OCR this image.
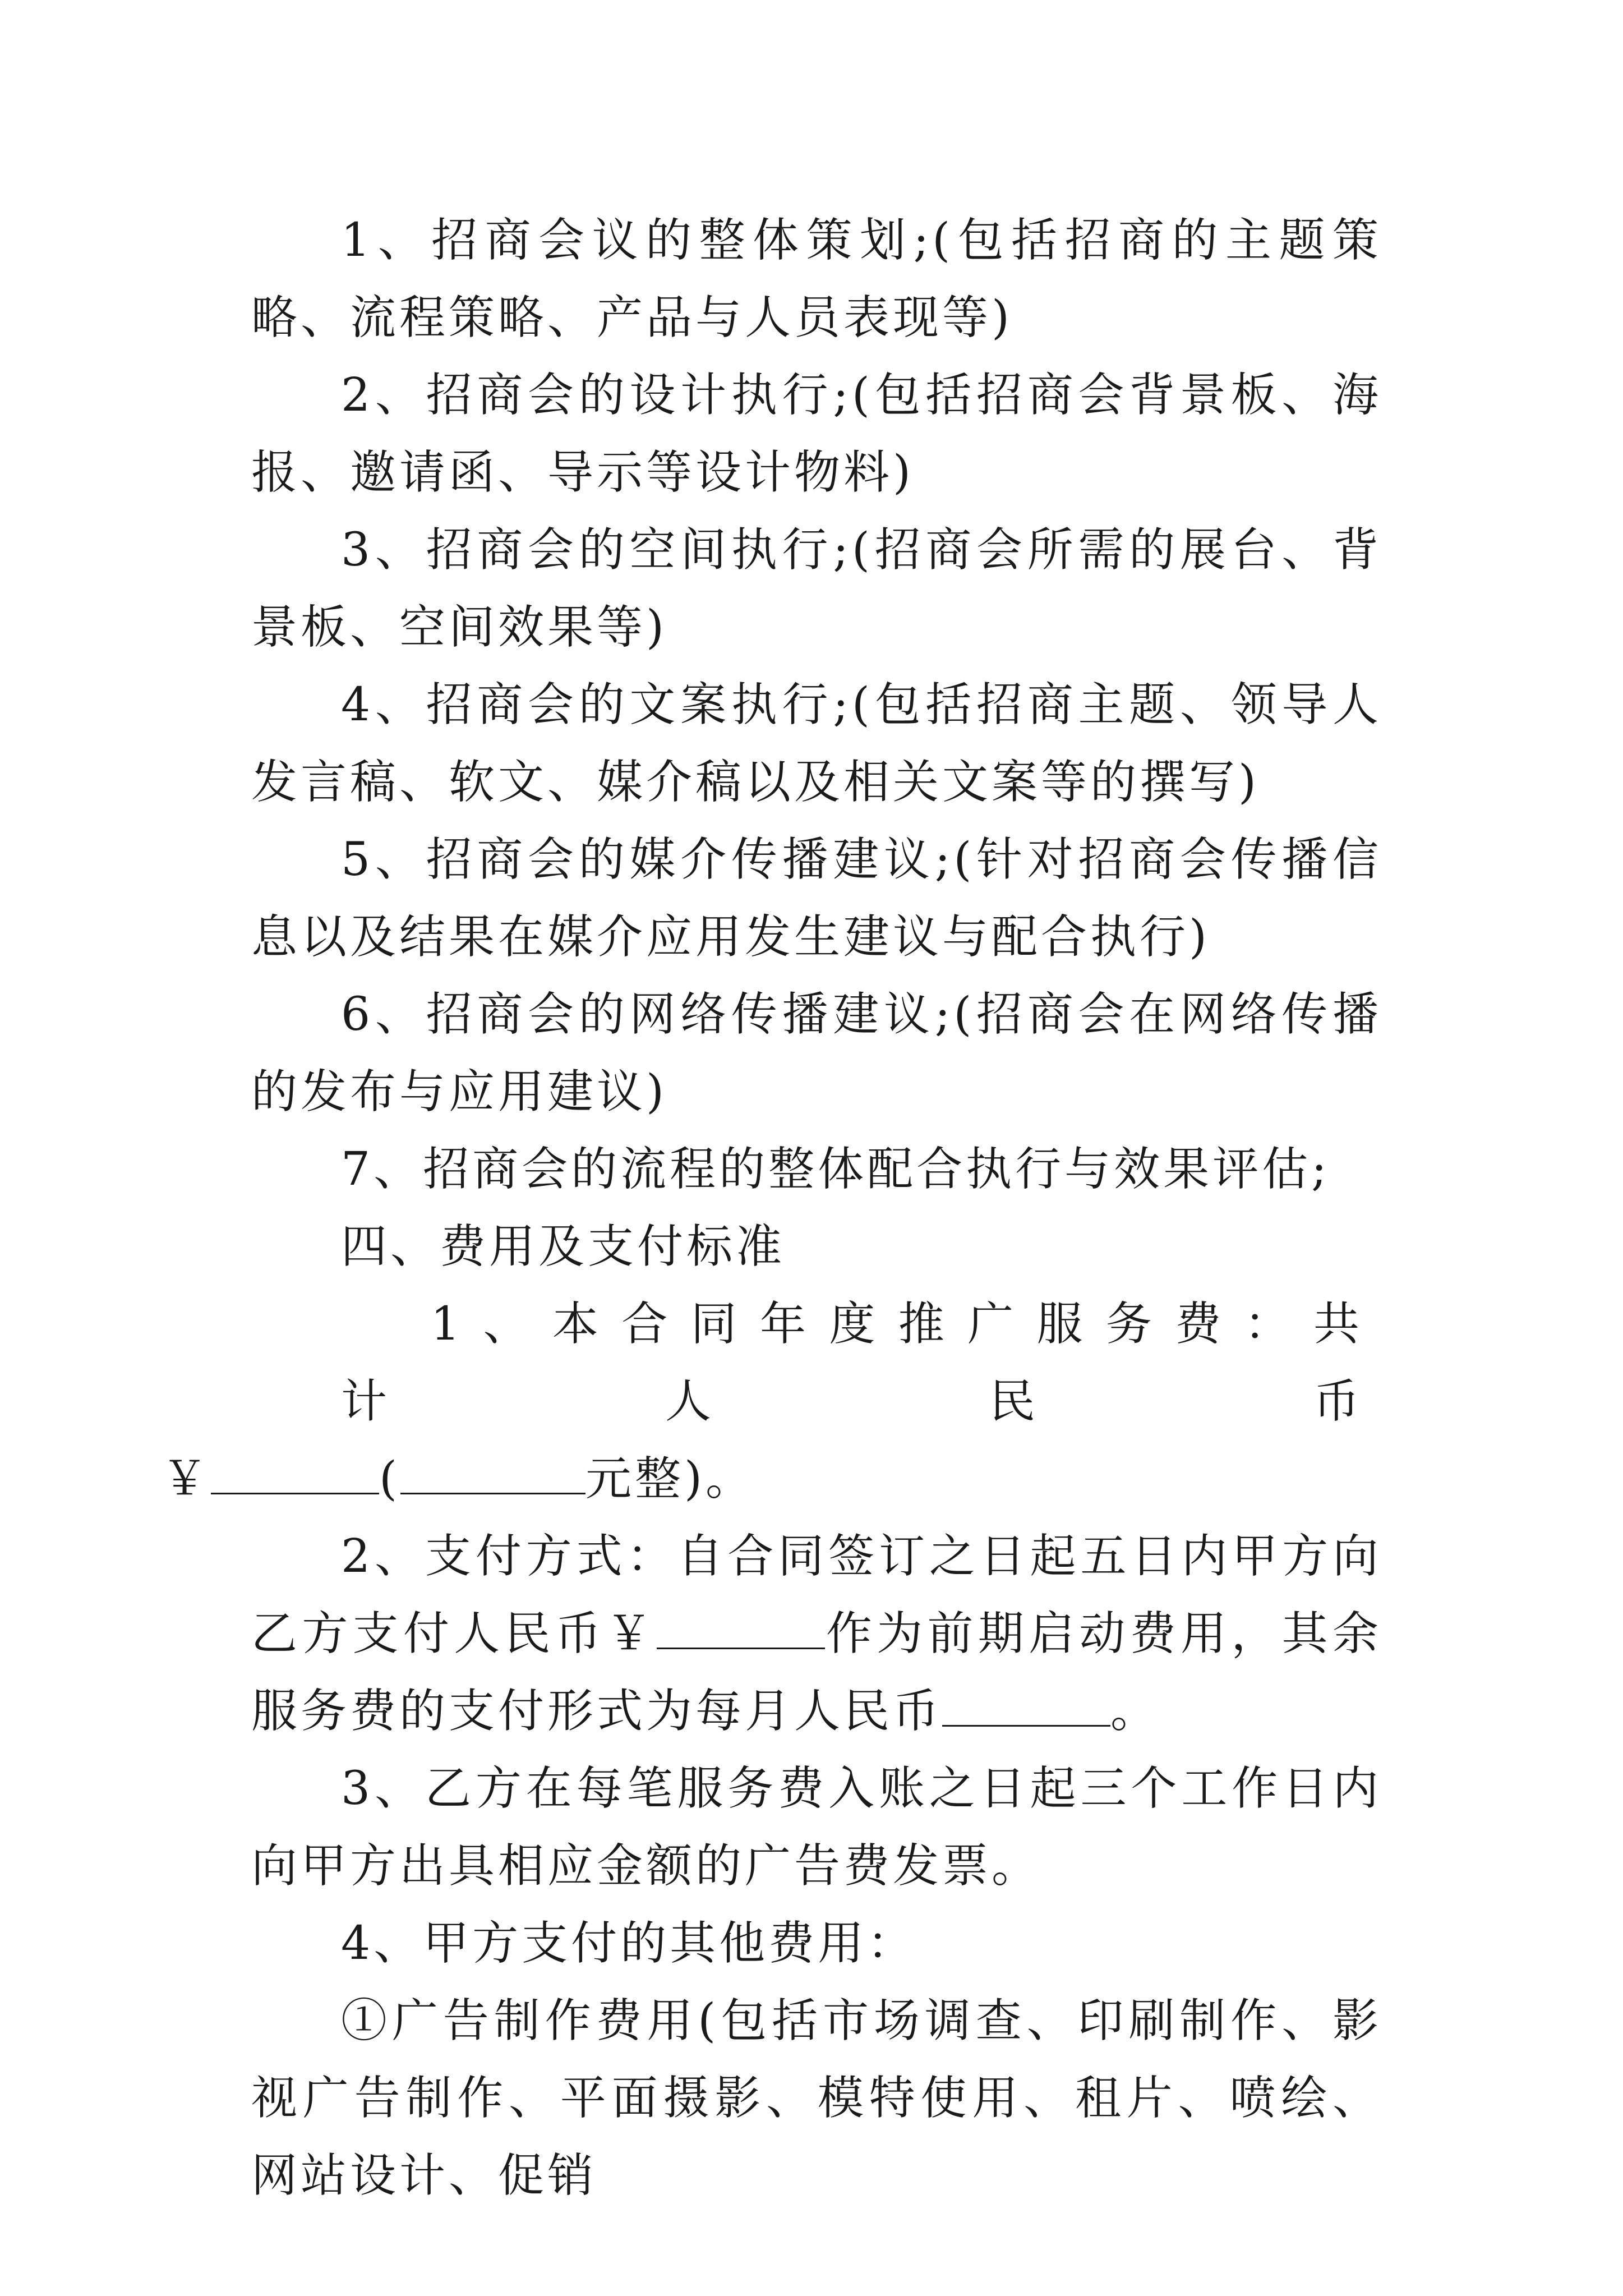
1、招商会议的整体策划;(包括招商的主题策略、流程策略、产品与人员表现等)

2、招商会的设计执行;(包括招商会背景板、海报、邀请函、导示等设计物料)

3、招商会的空间执行;(招商会所需的展台、背景板、空间效果等)

4、招商会的文案执行;(包括招商主题、领导人发言稿、软文、媒介稿以及相关文案等的撰写)

5、招商会的媒介传播建议;(针对招商会传播信息以及结果在媒介应用发生建议与配合执行)

6、招商会的网络传播建议;(招商会在网络传播的发布与应用建议)

7、招商会的流程的整体配合执行与效果评估;

四、费用及支付标准

1、本合同年度推广服务费：共计人民币
￥	(	元整)。

2、支付方式：自合同签订之日起五日内甲方向乙方支付人民币￥	作为前期启动费用，其余服务费的支付形式为每月人民币	。

3、乙方在每笔服务费入账之日起三个工作日内向甲方出具相应金额的广告费发票。

4、甲方支付的其他费用：

①广告制作费用(包括市场调查、印刷制作、影视广告制作、平面摄影、模特使用、租片、喷绘、网站设计、促销
